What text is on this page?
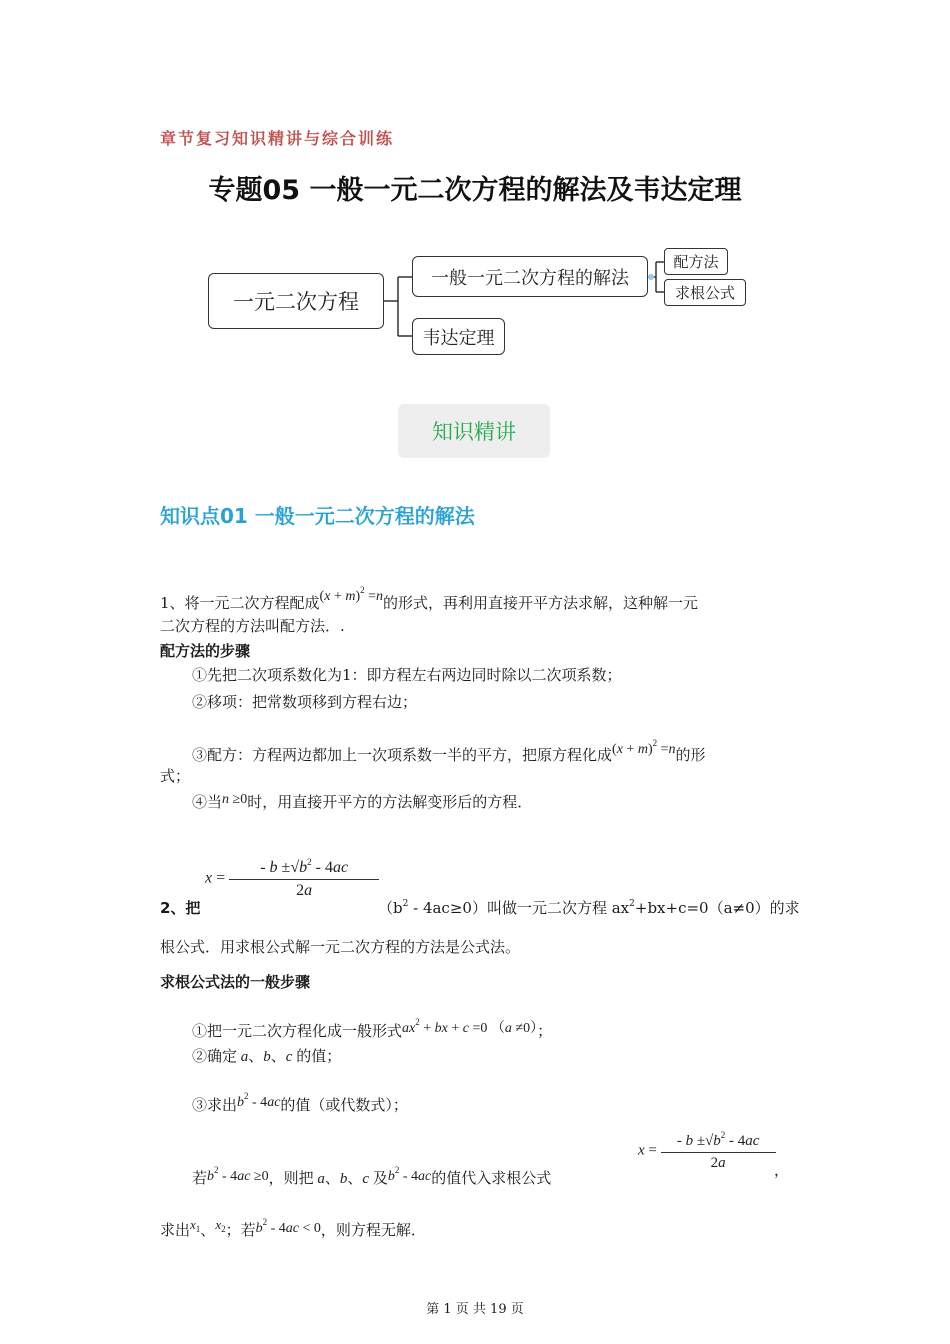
章节复习知识精讲与综合训练
专题05 一般一元二次方程的解法及韦达定理
一元二次方程
一般一元二次方程的解法
韦达定理
配方法
求根公式
知识精讲
知识点01 一般一元二次方程的解法
1、将一元二次方程配成$(x + m)^2 =n$的形式，再利用直接开平方法求解，这种解一元
二次方程的方法叫配方法．.
配方法的步骤
①先把二次项系数化为1：即方程左右两边同时除以二次项系数；
②移项：把常数项移到方程右边；
③配方：方程两边都加上一次项系数一半的平方，把原方程化成$(x + m)^2 =n$的形
式；
④当n ≥0时，用直接开平方的方法解变形后的方程．
$x = \frac{- b \pm√b^2 - 4ac}{2a}$
2、把	$(b^2 - 4ac\ge 0)$叫做一元二次方程 $ax^2+bx+c=0(a\ne 0)$的求
根公式．用求根公式解一元二次方程的方法是公式法。
求根公式法的一般步骤
①把一元二次方程化成一般形式$ax^2$ + bx + c =0 （a ≠0）；
②确定 a、b、c 的值；
③求出$b^2 - 4ac$的值（或代数式）；
若$b^2 - 4ac \ge 0$，则把 a、b、c 及$b^2 - 4ac$的值代入求根公式
$x = \frac{- b \pm√b^2 - 4ac}{2a}$
，
求出$x_1$、$x_2$；若$b^2 - 4ac < 0$，则方程无解．
第 1 页 共 19 页
